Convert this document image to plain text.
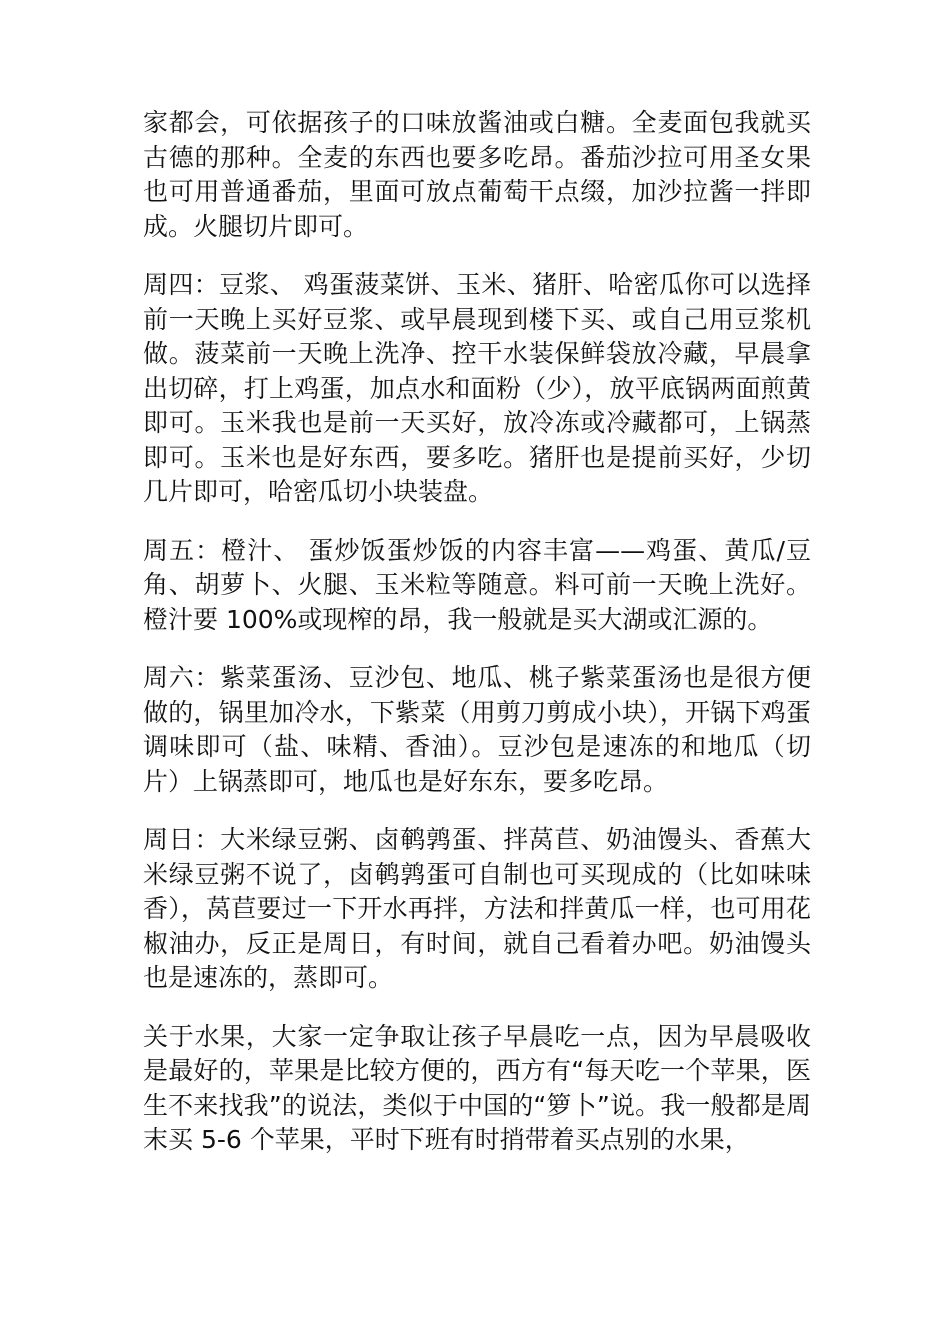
家都会，可依据孩子的口味放酱油或白糖。全麦面包我就买古德的那种。全麦的东西也要多吃昂。番茄沙拉可用圣女果也可用普通番茄，里面可放点葡萄干点缀，加沙拉酱一拌即成。火腿切片即可。

周四：豆浆、 鸡蛋菠菜饼、玉米、猪肝、哈密瓜你可以选择前一天晚上买好豆浆、或早晨现到楼下买、或自己用豆浆机做。菠菜前一天晚上洗净、控干水装保鲜袋放冷藏，早晨拿出切碎，打上鸡蛋，加点水和面粉（少），放平底锅两面煎黄即可。玉米我也是前一天买好，放冷冻或冷藏都可，上锅蒸即可。玉米也是好东西，要多吃。猪肝也是提前买好，少切几片即可，哈密瓜切小块装盘。

周五：橙汁、 蛋炒饭蛋炒饭的内容丰富——鸡蛋、黄瓜/豆角、胡萝卜、火腿、玉米粒等随意。料可前一天晚上洗好。橙汁要 100%或现榨的昂，我一般就是买大湖或汇源的。

周六：紫菜蛋汤、豆沙包、地瓜、桃子紫菜蛋汤也是很方便做的，锅里加冷水，下紫菜（用剪刀剪成小块），开锅下鸡蛋调味即可（盐、味精、香油）。豆沙包是速冻的和地瓜（切片）上锅蒸即可，地瓜也是好东东，要多吃昂。

周日：大米绿豆粥、卤鹌鹑蛋、拌莴苣、奶油馒头、香蕉大米绿豆粥不说了，卤鹌鹑蛋可自制也可买现成的（比如味味香），莴苣要过一下开水再拌，方法和拌黄瓜一样，也可用花椒油办，反正是周日，有时间，就自己看着办吧。奶油馒头也是速冻的，蒸即可。

关于水果，大家一定争取让孩子早晨吃一点，因为早晨吸收是最好的，苹果是比较方便的，西方有“每天吃一个苹果，医生不来找我”的说法，类似于中国的“箩卜”说。我一般都是周末买 5-6 个苹果，平时下班有时捎带着买点别的水果，
